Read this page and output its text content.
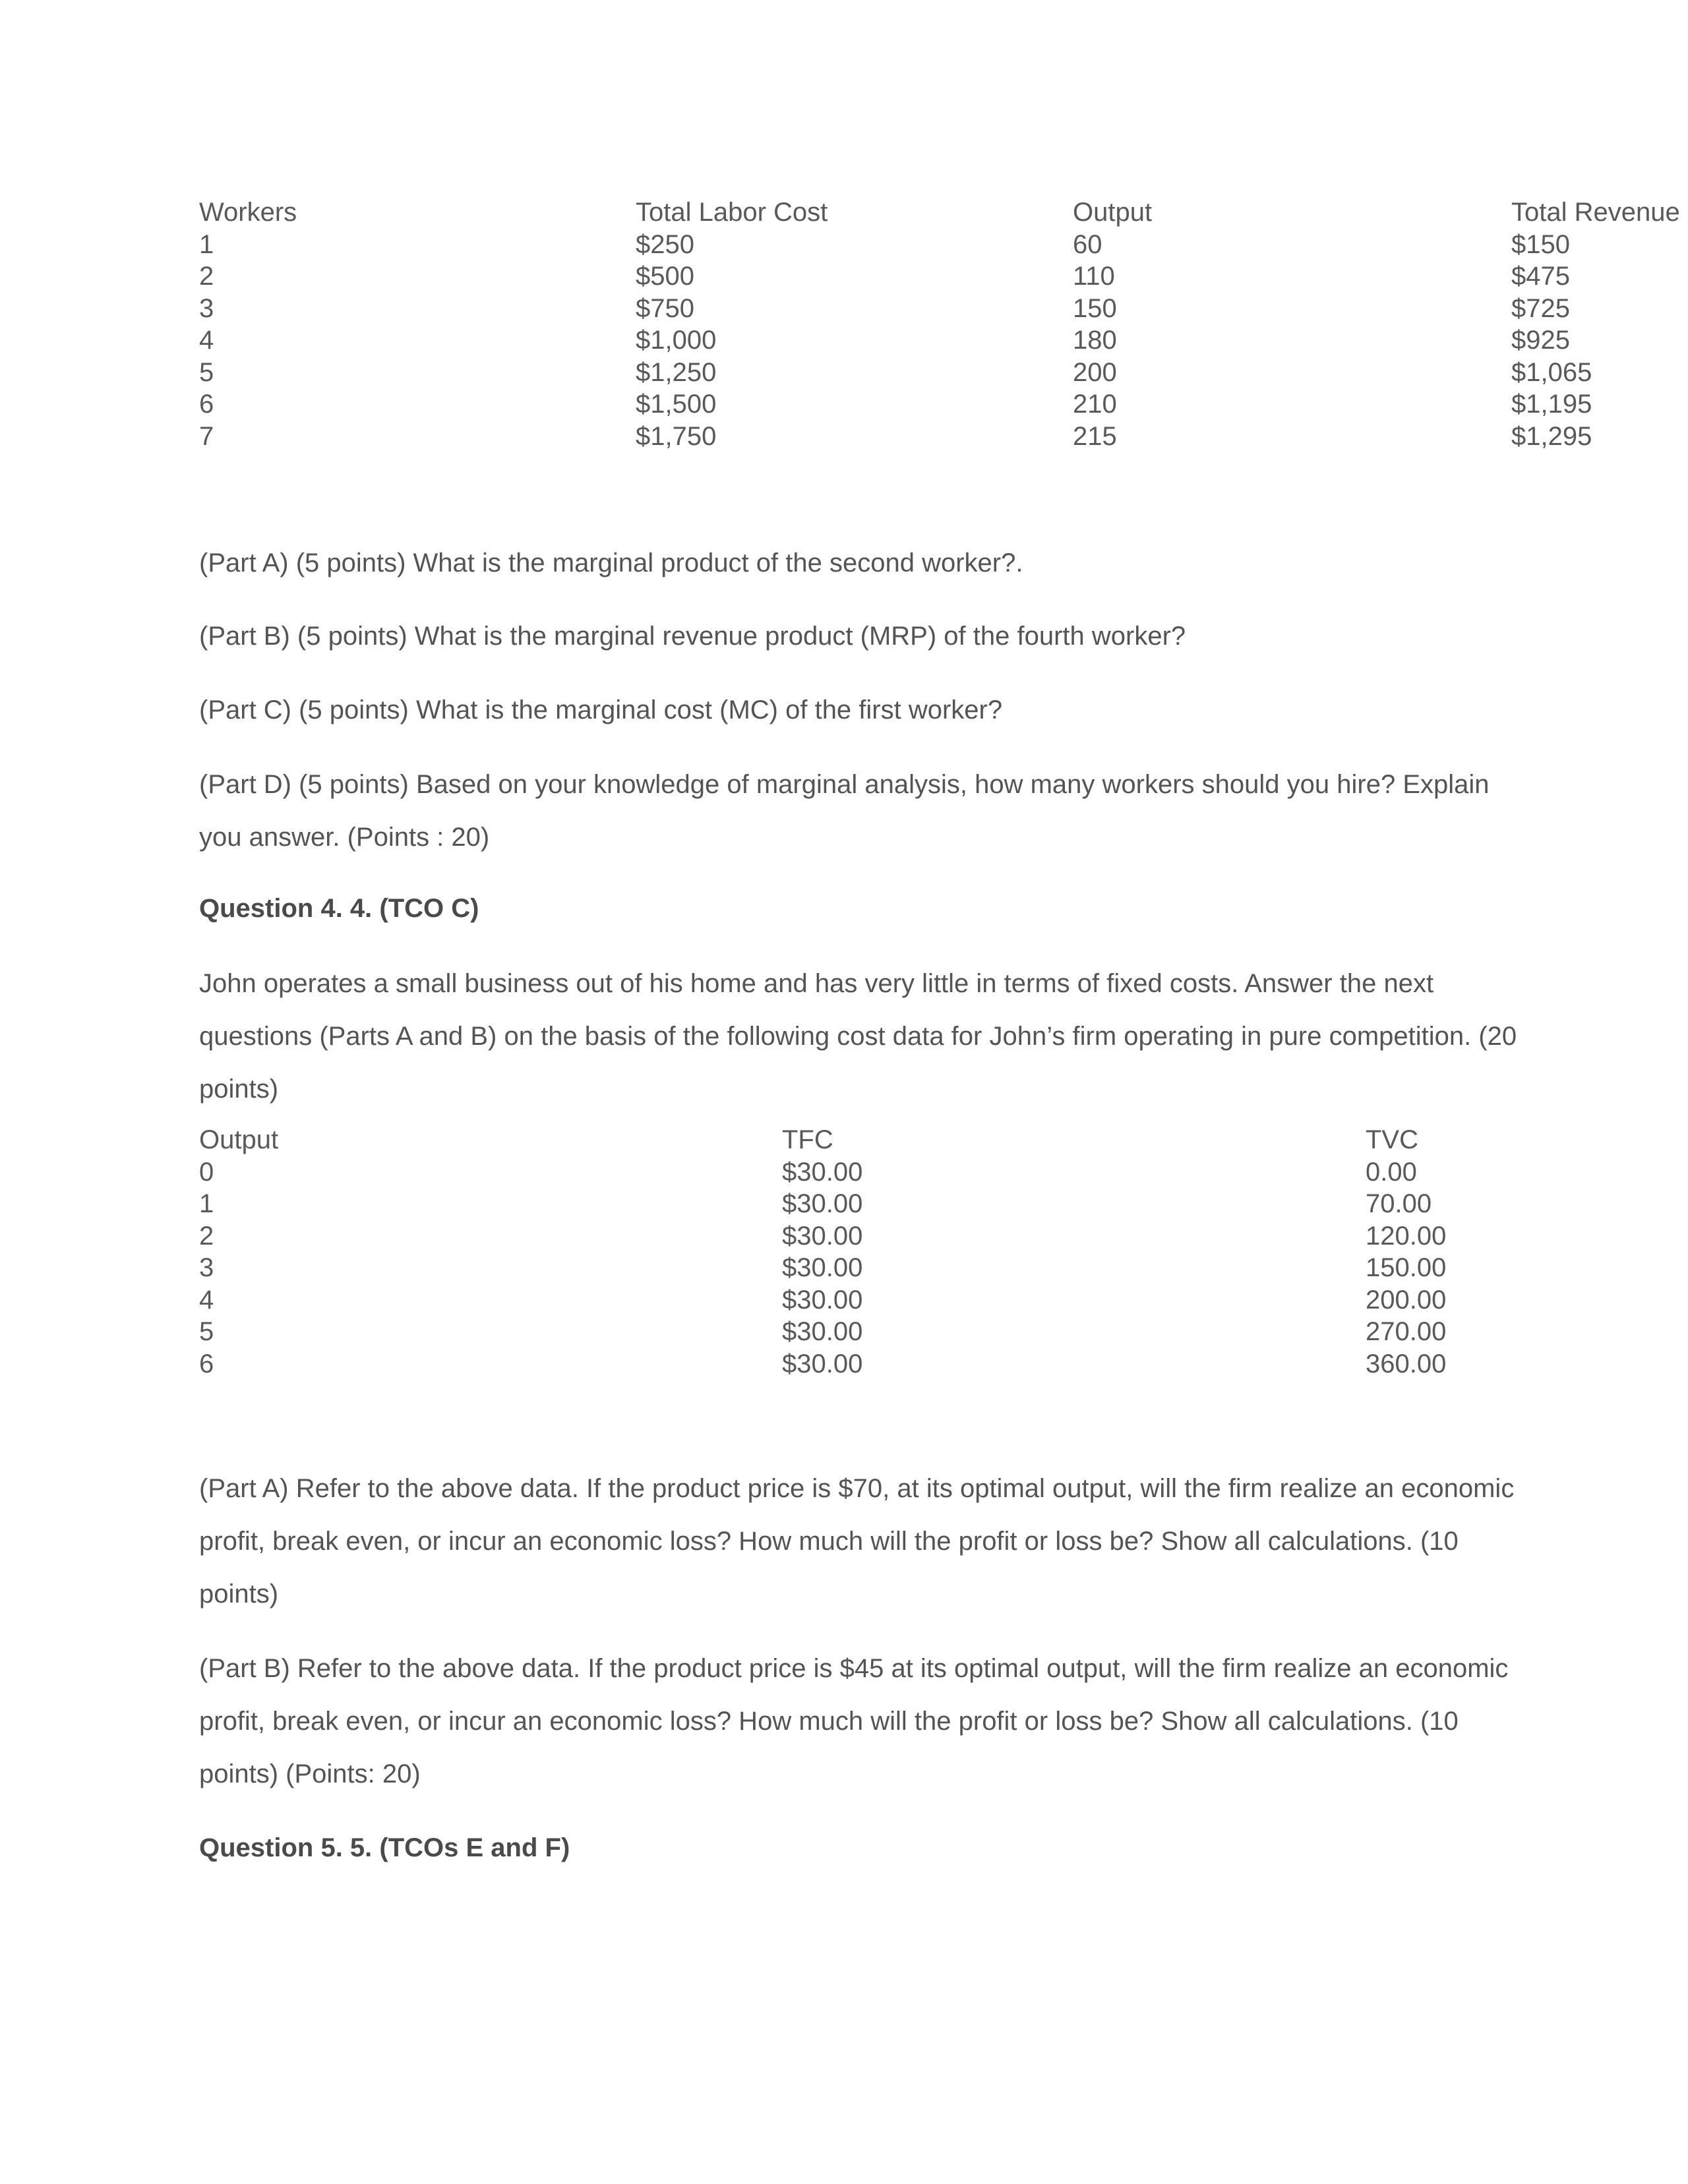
Workers
1
2
3
4
5
6
7
Total Labor Cost
$250
$500
$750
$1,000
$1,250
$1,500
$1,750
Output
60
110
150
180
200
210
215
Total Revenue
$150
$475
$725
$925
$1,065
$1,195
$1,295

(Part A) (5 points) What is the marginal product of the second worker?.

(Part B) (5 points) What is the marginal revenue product (MRP) of the fourth worker?

(Part C) (5 points) What is the marginal cost (MC) of the first worker?

(Part D) (5 points) Based on your knowledge of marginal analysis, how many workers should you hire? Explain you answer. (Points : 20)

Question 4. 4. (TCO C)

John operates a small business out of his home and has very little in terms of fixed costs. Answer the next questions (Parts A and B) on the basis of the following cost data for John’s firm operating in pure competition. (20 points)

Output
0
1
2
3
4
5
6
TFC
$30.00
$30.00
$30.00
$30.00
$30.00
$30.00
$30.00
TVC
0.00
70.00
120.00
150.00
200.00
270.00
360.00

(Part A) Refer to the above data. If the product price is $70, at its optimal output, will the firm realize an economic profit, break even, or incur an economic loss? How much will the profit or loss be? Show all calculations. (10 points)

(Part B) Refer to the above data. If the product price is $45 at its optimal output, will the firm realize an economic profit, break even, or incur an economic loss? How much will the profit or loss be? Show all calculations. (10 points) (Points: 20)

Question 5. 5. (TCOs E and F)
